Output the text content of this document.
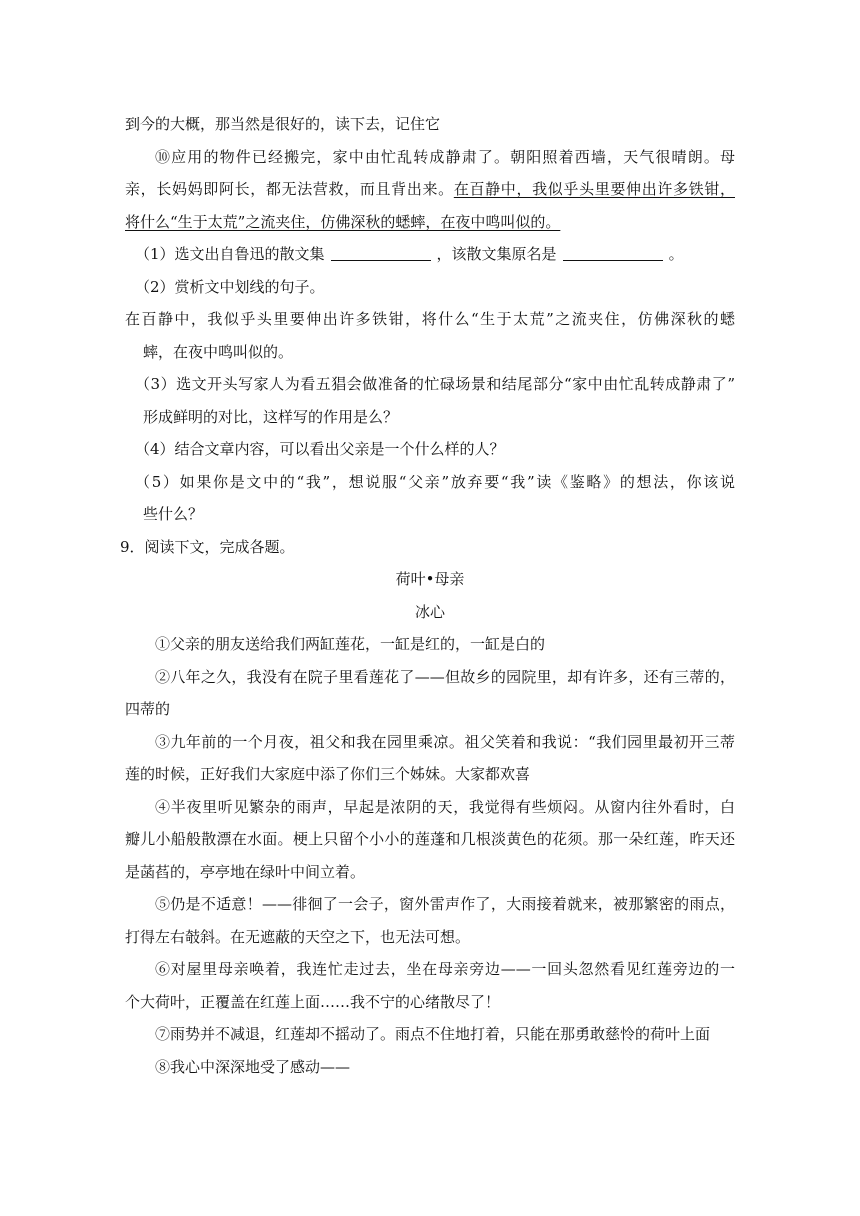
到今的大概，那当然是很好的，读下去，记住它
⑩应用的物件已经搬完，家中由忙乱转成静肃了。朝阳照着西墙，天气很晴朗。母
亲，长妈妈即阿长，都无法营救，而且背出来。在百静中，我似乎头里要伸出许多铁钳，
将什么“生于太荒”之流夹住，仿佛深秋的蟋蟀，在夜中鸣叫似的。
（1）选文出自鲁迅的散文集	，该散文集原名是	。
（2）赏析文中划线的句子。
在百静中，我似乎头里要伸出许多铁钳，将什么“生于太荒”之流夹住，仿佛深秋的蟋
蟀，在夜中鸣叫似的。
（3）选文开头写家人为看五猖会做准备的忙碌场景和结尾部分“家中由忙乱转成静肃了”
形成鲜明的对比，这样写的作用是么？
（4）结合文章内容，可以看出父亲是一个什么样的人？
（5）如果你是文中的“我”，想说服“父亲”放弃要“我”读《鉴略》的想法，你该说
些什么？
9．阅读下文，完成各题。
荷叶•母亲
冰心
①父亲的朋友送给我们两缸莲花，一缸是红的，一缸是白的
②八年之久，我没有在院子里看莲花了——但故乡的园院里，却有许多，还有三蒂的，
四蒂的
③九年前的一个月夜，祖父和我在园里乘凉。祖父笑着和我说：“我们园里最初开三蒂
莲的时候，正好我们大家庭中添了你们三个姊妹。大家都欢喜
④半夜里听见繁杂的雨声，早起是浓阴的天，我觉得有些烦闷。从窗内往外看时，白
瓣儿小船般散漂在水面。梗上只留个小小的莲蓬和几根淡黄色的花须。那一朵红莲，昨天还
是菡萏的，亭亭地在绿叶中间立着。
⑤仍是不适意！——徘徊了一会子，窗外雷声作了，大雨接着就来，被那繁密的雨点，
打得左右攲斜。在无遮蔽的天空之下，也无法可想。
⑥对屋里母亲唤着，我连忙走过去，坐在母亲旁边——一回头忽然看见红莲旁边的一
个大荷叶，正覆盖在红莲上面……我不宁的心绪散尽了！
⑦雨势并不减退，红莲却不摇动了。雨点不住地打着，只能在那勇敢慈怜的荷叶上面
⑧我心中深深地受了感动——
